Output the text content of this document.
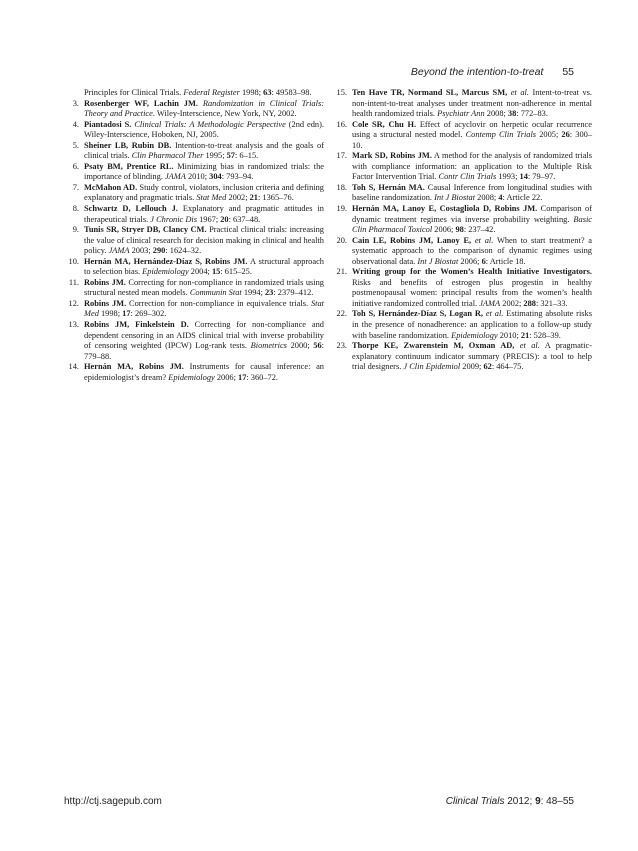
Beyond the intention-to-treat 55

Principles for Clinical Trials. Federal Register 1998; 63: 49583–98.

3. Rosenberger WF, Lachin JM. Randomization in Clinical Trials: Theory and Practice. Wiley-Interscience, New York, NY, 2002.

4. Piantadosi S. Clinical Trials: A Methodologic Perspective (2nd edn). Wiley-Interscience, Hoboken, NJ, 2005.

5. Sheiner LB, Rubin DB. Intention-to-treat analysis and the goals of clinical trials. Clin Pharmacol Ther 1995; 57: 6–15.

6. Psaty BM, Prentice RL. Minimizing bias in randomized trials: the importance of blinding. JAMA 2010; 304: 793–94.

7. McMahon AD. Study control, violators, inclusion criteria and defining explanatory and pragmatic trials. Stat Med 2002; 21: 1365–76.

8. Schwartz D, Lellouch J. Explanatory and pragmatic attitudes in therapeutical trials. J Chronic Dis 1967; 20: 637–48.

9. Tunis SR, Stryer DB, Clancy CM. Practical clinical trials: increasing the value of clinical research for decision making in clinical and health policy. JAMA 2003; 290: 1624–32.

10. Hernán MA, Hernández-Díaz S, Robins JM. A structural approach to selection bias. Epidemiology 2004; 15: 615–25.

11. Robins JM. Correcting for non-compliance in randomized trials using structural nested mean models. Communin Stat 1994; 23: 2379–412.

12. Robins JM. Correction for non-compliance in equivalence trials. Stat Med 1998; 17: 269–302.

13. Robins JM, Finkelstein D. Correcting for non-compliance and dependent censoring in an AIDS clinical trial with inverse probability of censoring weighted (IPCW) Log-rank tests. Biometrics 2000; 56: 779–88.

14. Hernán MA, Robins JM. Instruments for causal inference: an epidemiologist’s dream? Epidemiology 2006; 17: 360–72.

15. Ten Have TR, Normand SL, Marcus SM, et al. Intent-to-treat vs. non-intent-to-treat analyses under treatment non-adherence in mental health randomized trials. Psychiatr Ann 2008; 38: 772–83.

16. Cole SR, Chu H. Effect of acyclovir on herpetic ocular recurrence using a structural nested model. Contemp Clin Trials 2005; 26: 300–10.

17. Mark SD, Robins JM. A method for the analysis of randomized trials with compliance information: an application to the Multiple Risk Factor Intervention Trial. Contr Clin Trials 1993; 14: 79–97.

18. Toh S, Hernán MA. Causal Inference from longitudinal studies with baseline randomization. Int J Biostat 2008; 4: Article 22.

19. Hernán MA, Lanoy E, Costagliola D, Robins JM. Comparison of dynamic treatment regimes via inverse probability weighting. Basic Clin Pharmacol Toxicol 2006; 98: 237–42.

20. Cain LE, Robins JM, Lanoy E, et al. When to start treatment? a systematic approach to the comparison of dynamic regimes using observational data. Int J Biostat 2006; 6: Article 18.

21. Writing group for the Women’s Health Initiative Investigators. Risks and benefits of estrogen plus progestin in healthy postmenopausal women: principal results from the women’s health initiative randomized controlled trial. JAMA 2002; 288: 321–33.

22. Toh S, Hernández-Díaz S, Logan R, et al. Estimating absolute risks in the presence of nonadherence: an application to a follow-up study with baseline randomization. Epidemiology 2010; 21: 528–39.

23. Thorpe KE, Zwarenstein M, Oxman AD, et al. A pragmatic-explanatory continuum indicator summary (PRECIS): a tool to help trial designers. J Clin Epidemiol 2009; 62: 464–75.

http://ctj.sagepub.com	Clinical Trials 2012; 9: 48–55
